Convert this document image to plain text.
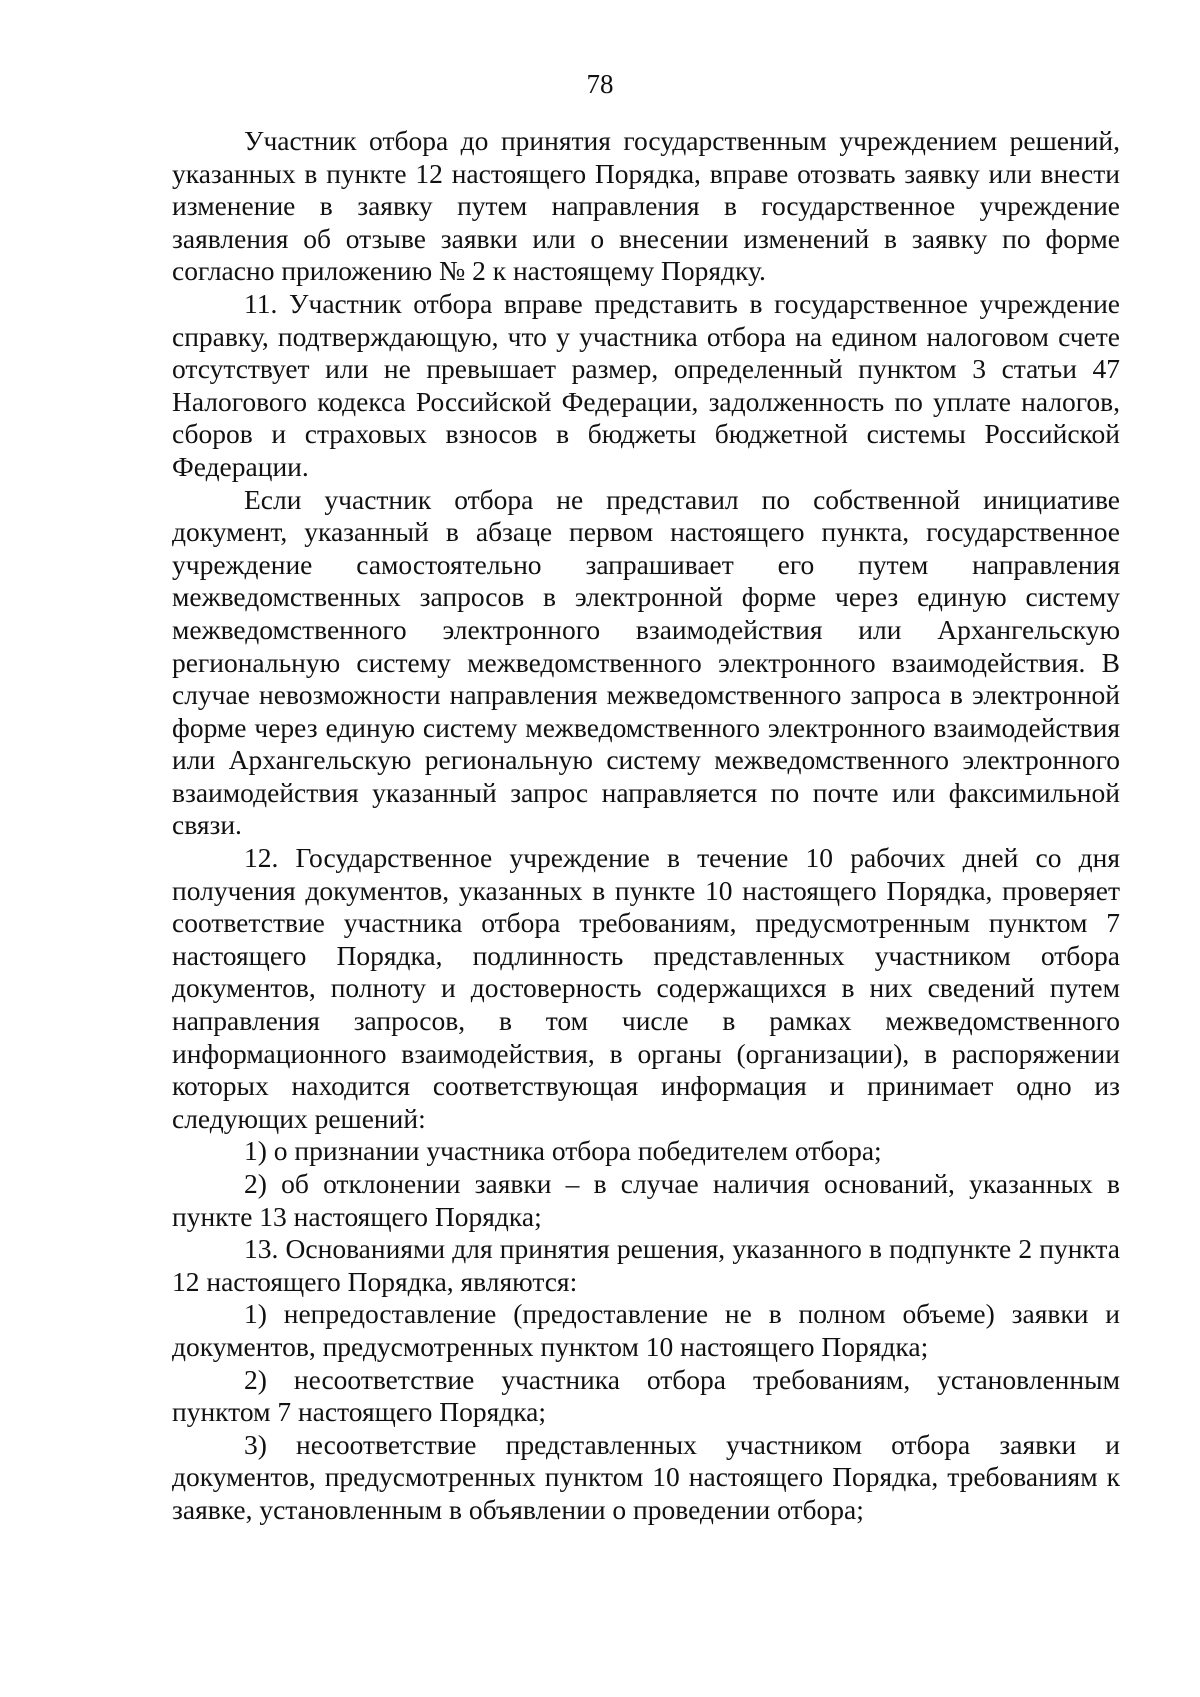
78

Участник отбора до принятия государственным учреждением решений, указанных в пункте 12 настоящего Порядка, вправе отозвать заявку или внести изменение в заявку путем направления в государственное учреждение заявления об отзыве заявки или о внесении изменений в заявку по форме согласно приложению № 2 к настоящему Порядку.

11. Участник отбора вправе представить в государственное учреждение справку, подтверждающую, что у участника отбора на едином налоговом счете отсутствует или не превышает размер, определенный пунктом 3 статьи 47 Налогового кодекса Российской Федерации, задолженность по уплате налогов, сборов и страховых взносов в бюджеты бюджетной системы Российской Федерации.

Если участник отбора не представил по собственной инициативе документ, указанный в абзаце первом настоящего пункта, государственное учреждение самостоятельно запрашивает его путем направления межведомственных запросов в электронной форме через единую систему межведомственного электронного взаимодействия или Архангельскую региональную систему межведомственного электронного взаимодействия. В случае невозможности направления межведомственного запроса в электронной форме через единую систему межведомственного электронного взаимодействия или Архангельскую региональную систему межведомственного электронного взаимодействия указанный запрос направляется по почте или факсимильной связи.

12. Государственное учреждение в течение 10 рабочих дней со дня получения документов, указанных в пункте 10 настоящего Порядка, проверяет соответствие участника отбора требованиям, предусмотренным пунктом 7 настоящего Порядка, подлинность представленных участником отбора документов, полноту и достоверность содержащихся в них сведений путем направления запросов, в том числе в рамках межведомственного информационного взаимодействия, в органы (организации), в распоряжении которых находится соответствующая информация и принимает одно из следующих решений:

1) о признании участника отбора победителем отбора;

2) об отклонении заявки – в случае наличия оснований, указанных в пункте 13 настоящего Порядка;

13. Основаниями для принятия решения, указанного в подпункте 2 пункта 12 настоящего Порядка, являются:

1) непредоставление (предоставление не в полном объеме) заявки и документов, предусмотренных пунктом 10 настоящего Порядка;

2) несоответствие участника отбора требованиям, установленным пунктом 7 настоящего Порядка;

3) несоответствие представленных участником отбора заявки и документов, предусмотренных пунктом 10 настоящего Порядка, требованиям к заявке, установленным в объявлении о проведении отбора;
